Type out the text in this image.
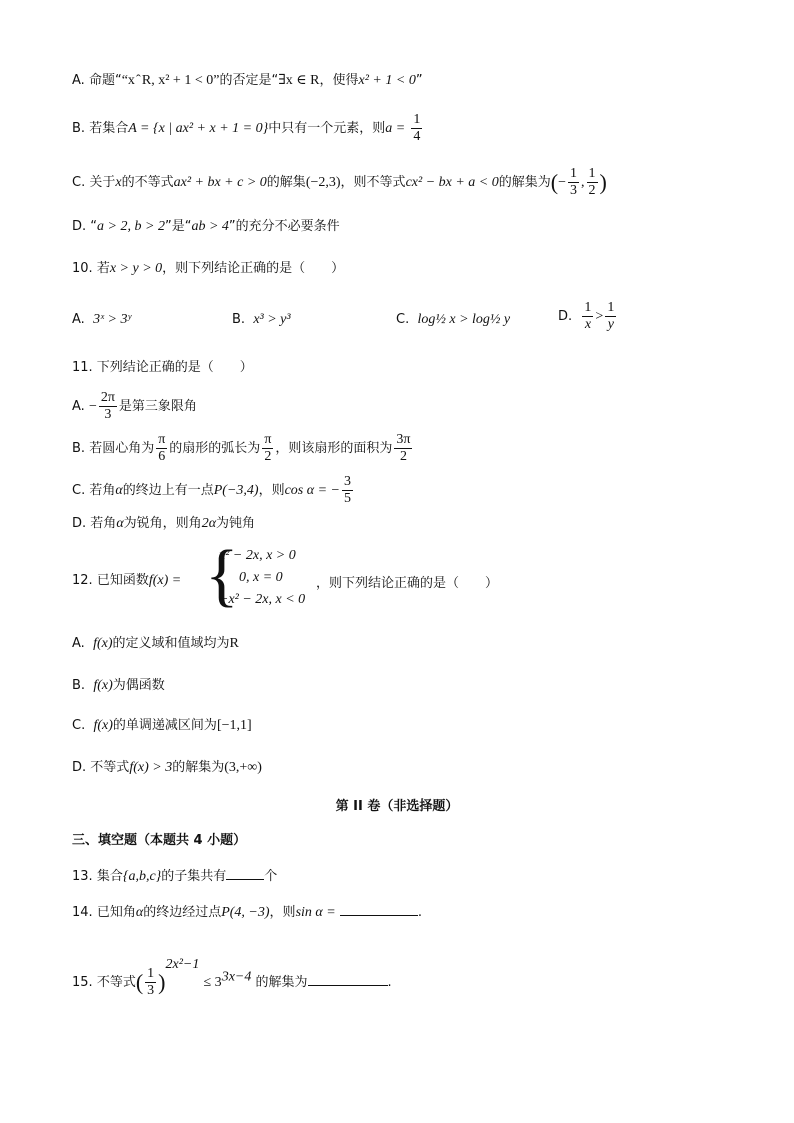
A. 命题““x ̂ R, x² + 1 < 0”的否定是“∃x ∈ R，使得x² + 1 < 0”
B. 若集合A = {x | ax² + x + 1 = 0}中只有一个元素，则$a = \frac{1}{4}$
C. 关于x的不等式ax² + bx + c > 0的解集(−2,3)，则不等式cx² − bx + a < 0的解集为(− $\frac{1}{3}$ , $\frac{1}{2}$ )
D. “a > 2, b > 2”是“ab > 4”的充分不必要条件
10. 若x > y > 0，则下列结论正确的是（　　）
A. 3ˣ > 3ʸ	B. x³ > y³	C. log½ x > log½ y	D. $\frac{1}{x} > \frac{1}{y}$
11. 下列结论正确的是（　　）
A. − $\frac{2\pi}{3}$ 是第三象限角
B. 若圆心角为 $\frac{\pi}{6}$ 的扇形的弧长为 $\frac{\pi}{2}$ ，则该扇形的面积为 $\frac{3\pi}{2}$
C. 若角α的终边上有一点P(−3,4)，则cos α = − $\frac{3}{5}$
D. 若角α为锐角，则角2α为钝角
12. 已知函数f(x) = {
x² − 2x, x > 0
0, x = 0
−x² − 2x, x < 0
，则下列结论正确的是（　　）
A. f(x)的定义域和值域均为R
B. f(x)为偶函数
C. f(x)的单调递减区间为[−1,1]
D. 不等式f(x) > 3的解集为(3,+∞)
第 II 卷（非选择题）
三、填空题（本题共 4 小题）
13. 集合{a,b,c}的子集共有	个
14. 已知角α的终边经过点P(4, −3)，则sin α =	.
15. 不等式( $\frac{1}{3} )^{2x^2-1} \le 3^{3x-4}$ 的解集为	.
